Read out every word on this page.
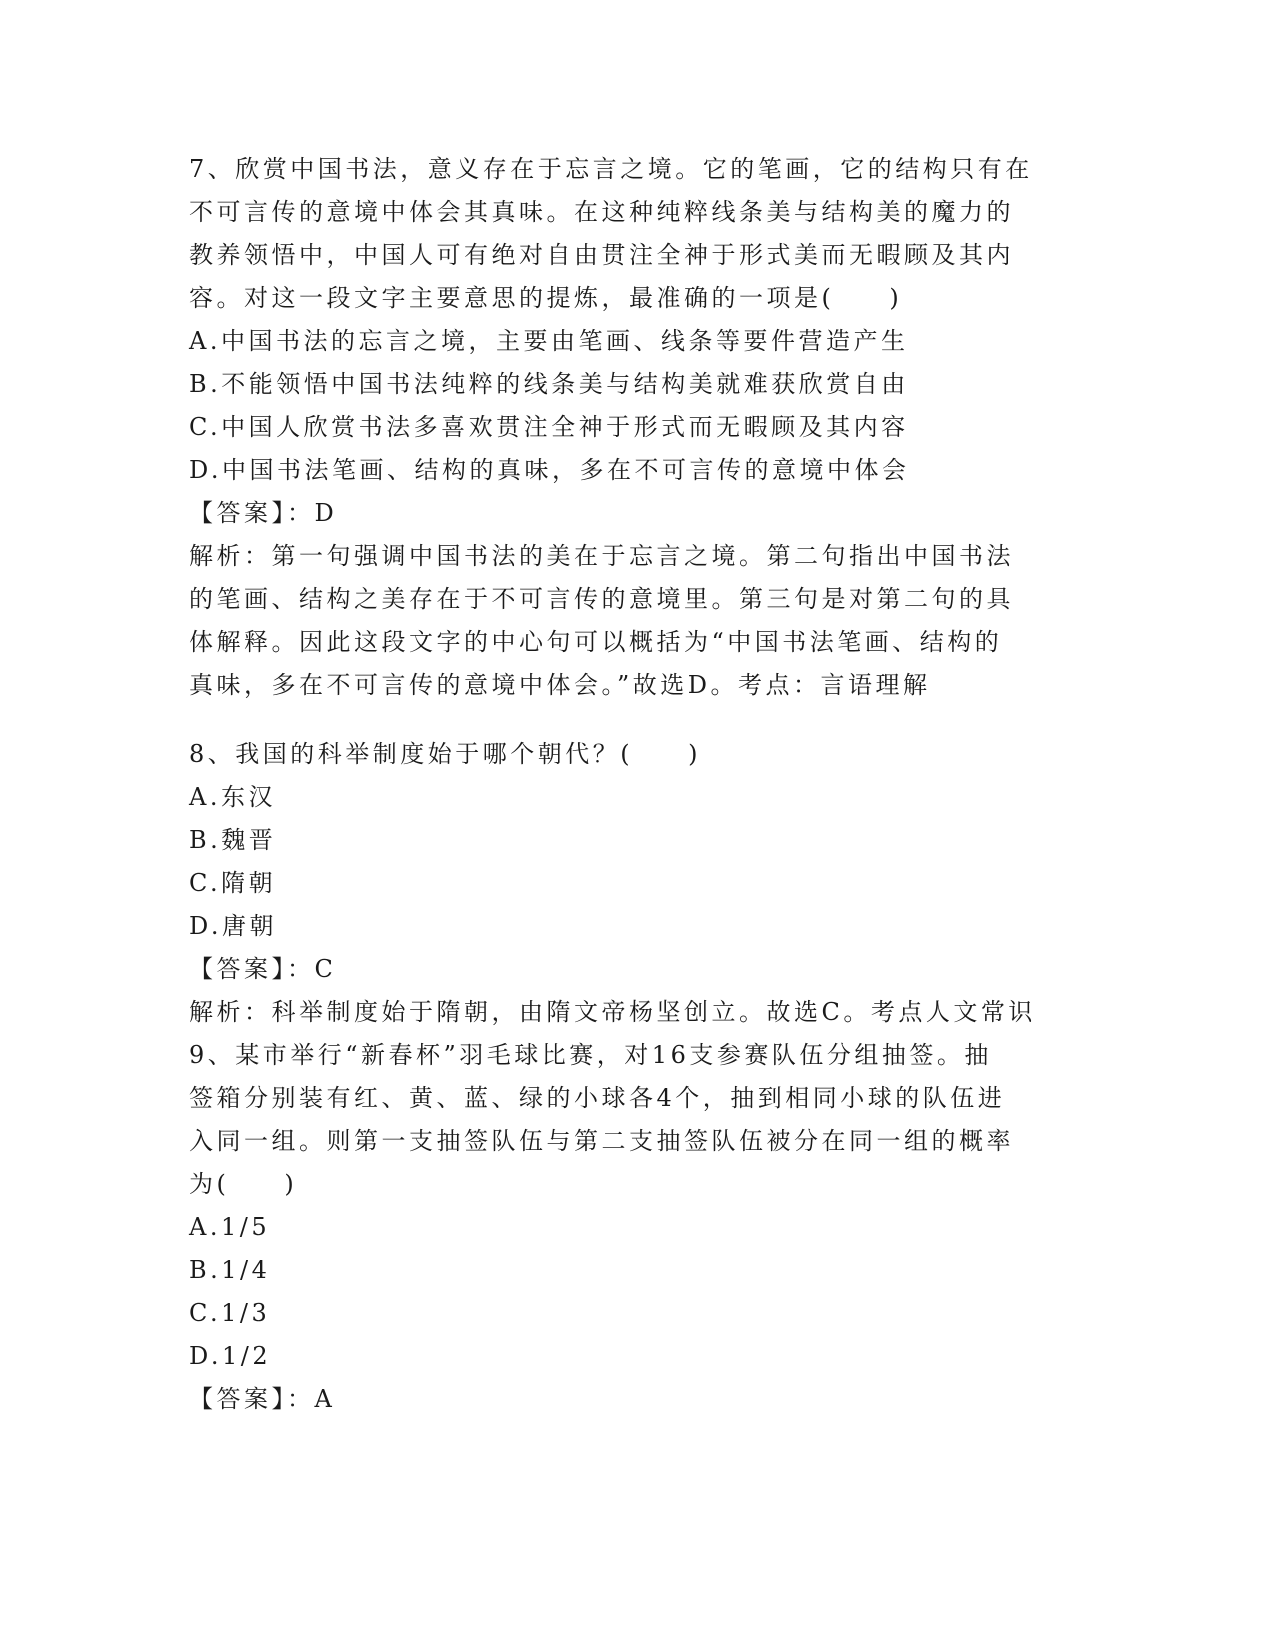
7、欣赏中国书法，意义存在于忘言之境。它的笔画，它的结构只有在
不可言传的意境中体会其真味。在这种纯粹线条美与结构美的魔力的
教养领悟中，中国人可有绝对自由贯注全神于形式美而无暇顾及其内
容。对这一段文字主要意思的提炼，最准确的一项是(　　)
A.中国书法的忘言之境，主要由笔画、线条等要件营造产生
B.不能领悟中国书法纯粹的线条美与结构美就难获欣赏自由
C.中国人欣赏书法多喜欢贯注全神于形式而无暇顾及其内容
D.中国书法笔画、结构的真味，多在不可言传的意境中体会
【答案】：D
解析：第一句强调中国书法的美在于忘言之境。第二句指出中国书法
的笔画、结构之美存在于不可言传的意境里。第三句是对第二句的具
体解释。因此这段文字的中心句可以概括为“中国书法笔画、结构的
真味，多在不可言传的意境中体会。”故选D。考点：言语理解
8、我国的科举制度始于哪个朝代？(　　)
A.东汉
B.魏晋
C.隋朝
D.唐朝
【答案】：C
解析：科举制度始于隋朝，由隋文帝杨坚创立。故选C。考点人文常识
9、某市举行“新春杯”羽毛球比赛，对16支参赛队伍分组抽签。抽
签箱分别装有红、黄、蓝、绿的小球各4个，抽到相同小球的队伍进
入同一组。则第一支抽签队伍与第二支抽签队伍被分在同一组的概率
为(　　)
A.1/5
B.1/4
C.1/3
D.1/2
【答案】：A
